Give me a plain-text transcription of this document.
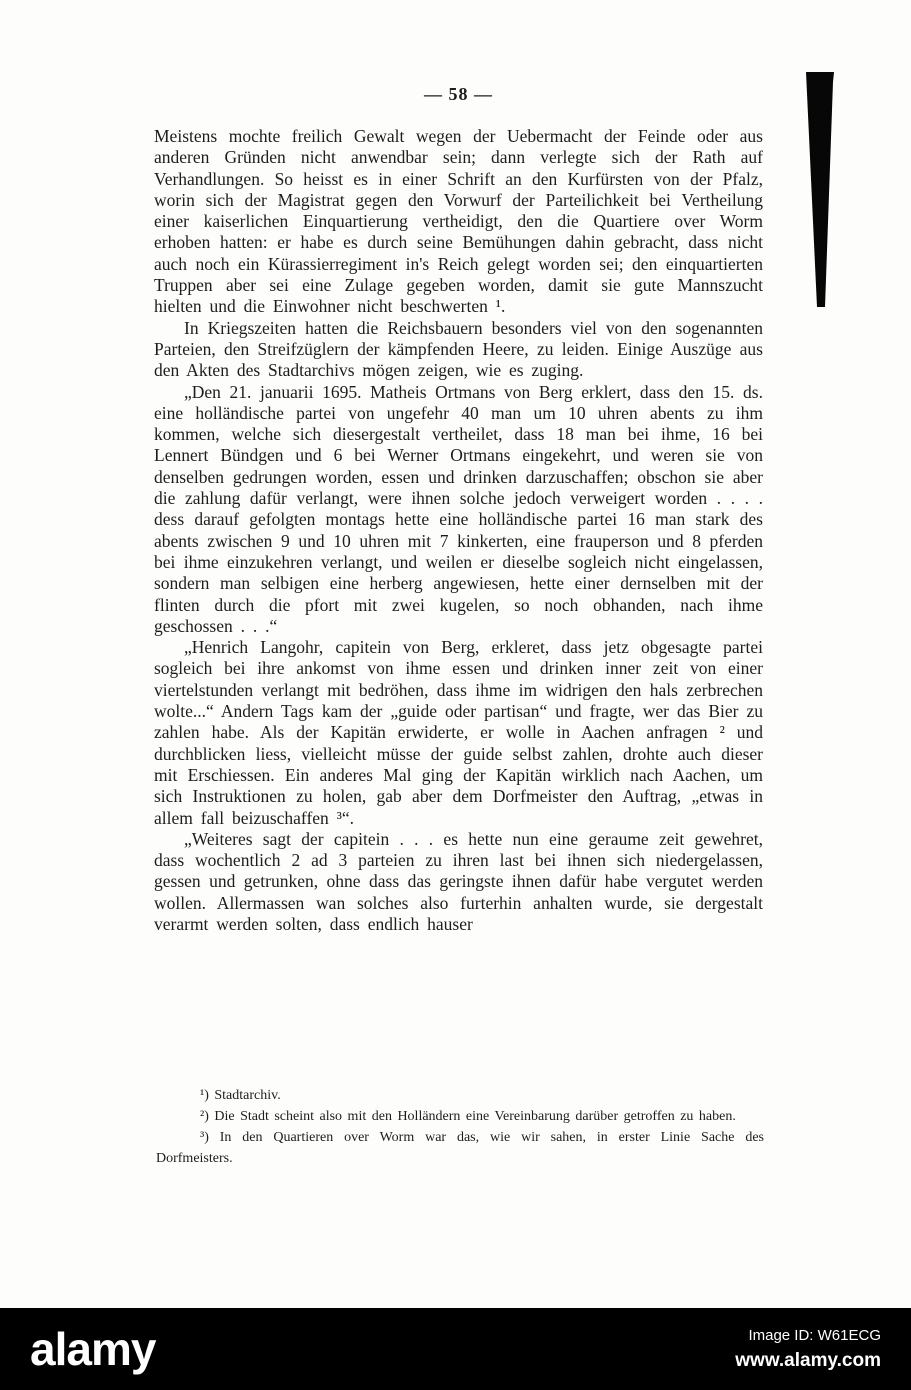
— 58 —

Meistens mochte freilich Gewalt wegen der Uebermacht der Feinde oder aus anderen Gründen nicht anwendbar sein; dann verlegte sich der Rath auf Verhandlungen. So heisst es in einer Schrift an den Kurfürsten von der Pfalz, worin sich der Magistrat gegen den Vorwurf der Parteilichkeit bei Vertheilung einer kaiserlichen Einquartierung vertheidigt, den die Quartiere over Worm erhoben hatten: er habe es durch seine Bemühungen dahin gebracht, dass nicht auch noch ein Kürassierregiment in's Reich gelegt worden sei; den einquartierten Truppen aber sei eine Zulage gegeben worden, damit sie gute Mannszucht hielten und die Einwohner nicht beschwerten ¹.

In Kriegszeiten hatten die Reichsbauern besonders viel von den sogenannten Parteien, den Streifzüglern der kämpfenden Heere, zu leiden. Einige Auszüge aus den Akten des Stadtarchivs mögen zeigen, wie es zuging.

„Den 21. januarii 1695. Matheis Ortmans von Berg erklert, dass den 15. ds. eine holländische partei von ungefehr 40 man um 10 uhren abents zu ihm kommen, welche sich diesergestalt vertheilet, dass 18 man bei ihme, 16 bei Lennert Bündgen und 6 bei Werner Ortmans eingekehrt, und weren sie von denselben gedrungen worden, essen und drinken darzuschaffen; obschon sie aber die zahlung dafür verlangt, were ihnen solche jedoch verweigert worden . . . . dess darauf gefolgten montags hette eine holländische partei 16 man stark des abents zwischen 9 und 10 uhren mit 7 kinkerten, eine frauperson und 8 pferden bei ihme einzukehren verlangt, und weilen er dieselbe sogleich nicht eingelassen, sondern man selbigen eine herberg angewiesen, hette einer dernselben mit der flinten durch die pfort mit zwei kugelen, so noch obhanden, nach ihme geschossen . . .“

„Henrich Langohr, capitein von Berg, erkleret, dass jetz obgesagte partei sogleich bei ihre ankomst von ihme essen und drinken inner zeit von einer viertelstunden verlangt mit bedröhen, dass ihme im widrigen den hals zerbrechen wolte...“ Andern Tags kam der „guide oder partisan“ und fragte, wer das Bier zu zahlen habe. Als der Kapitän erwiderte, er wolle in Aachen anfragen ² und durchblicken liess, vielleicht müsse der guide selbst zahlen, drohte auch dieser mit Erschiessen. Ein anderes Mal ging der Kapitän wirklich nach Aachen, um sich Instruktionen zu holen, gab aber dem Dorfmeister den Auftrag, „etwas in allem fall beizuschaffen ³“.

„Weiteres sagt der capitein . . . es hette nun eine geraume zeit gewehret, dass wochentlich 2 ad 3 parteien zu ihren last bei ihnen sich niedergelassen, gessen und getrunken, ohne dass das geringste ihnen dafür habe vergutet werden wollen. Allermassen wan solches also furterhin anhalten wurde, sie dergestalt verarmt werden solten, dass endlich hauser

¹) Stadtarchiv.

²) Die Stadt scheint also mit den Holländern eine Vereinbarung darüber getroffen zu haben.

³) In den Quartieren over Worm war das, wie wir sahen, in erster Linie Sache des Dorfmeisters.

alamy	Image ID: W61ECG
www.alamy.com
